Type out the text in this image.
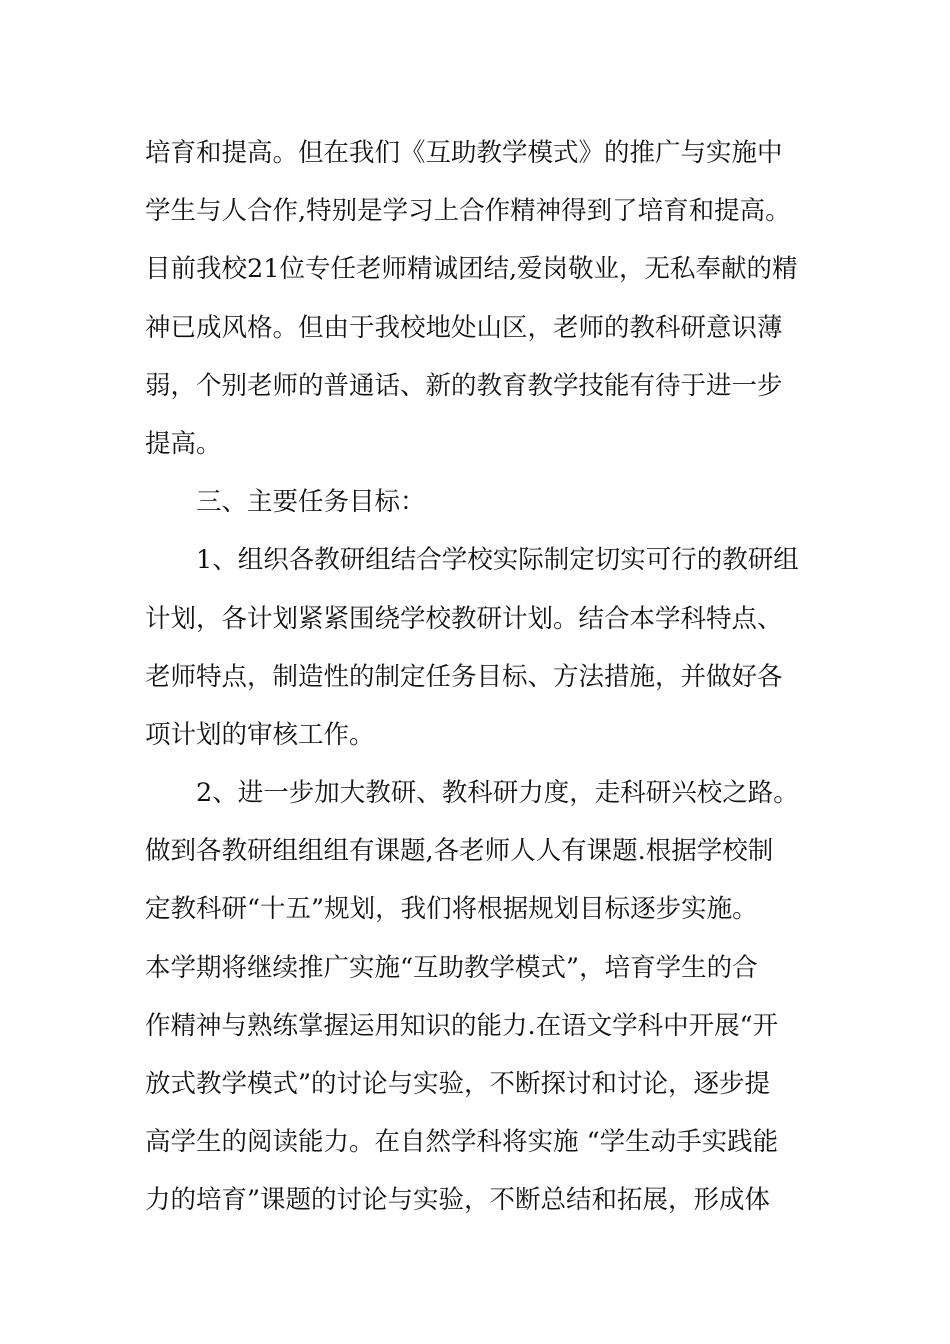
培育和提高。但在我们《互助教学模式》的推广与实施中
学生与人合作,特别是学习上合作精神得到了培育和提高。
目前我校21位专任老师精诚团结,爱岗敬业，无私奉献的精
神已成风格。但由于我校地处山区，老师的教科研意识薄
弱，个别老师的普通话、新的教育教学技能有待于进一步
提高。
三、主要任务目标：
1、组织各教研组结合学校实际制定切实可行的教研组
计划，各计划紧紧围绕学校教研计划。结合本学科特点、
老师特点，制造性的制定任务目标、方法措施，并做好各
项计划的审核工作。
2、进一步加大教研、教科研力度，走科研兴校之路。
做到各教研组组组有课题,各老师人人有课题.根据学校制
定教科研“十五”规划，我们将根据规划目标逐步实施。
本学期将继续推广实施“互助教学模式”，培育学生的合
作精神与熟练掌握运用知识的能力.在语文学科中开展“开
放式教学模式”的讨论与实验，不断探讨和讨论，逐步提
高学生的阅读能力。在自然学科将实施 “学生动手实践能
力的培育”课题的讨论与实验，不断总结和拓展，形成体
